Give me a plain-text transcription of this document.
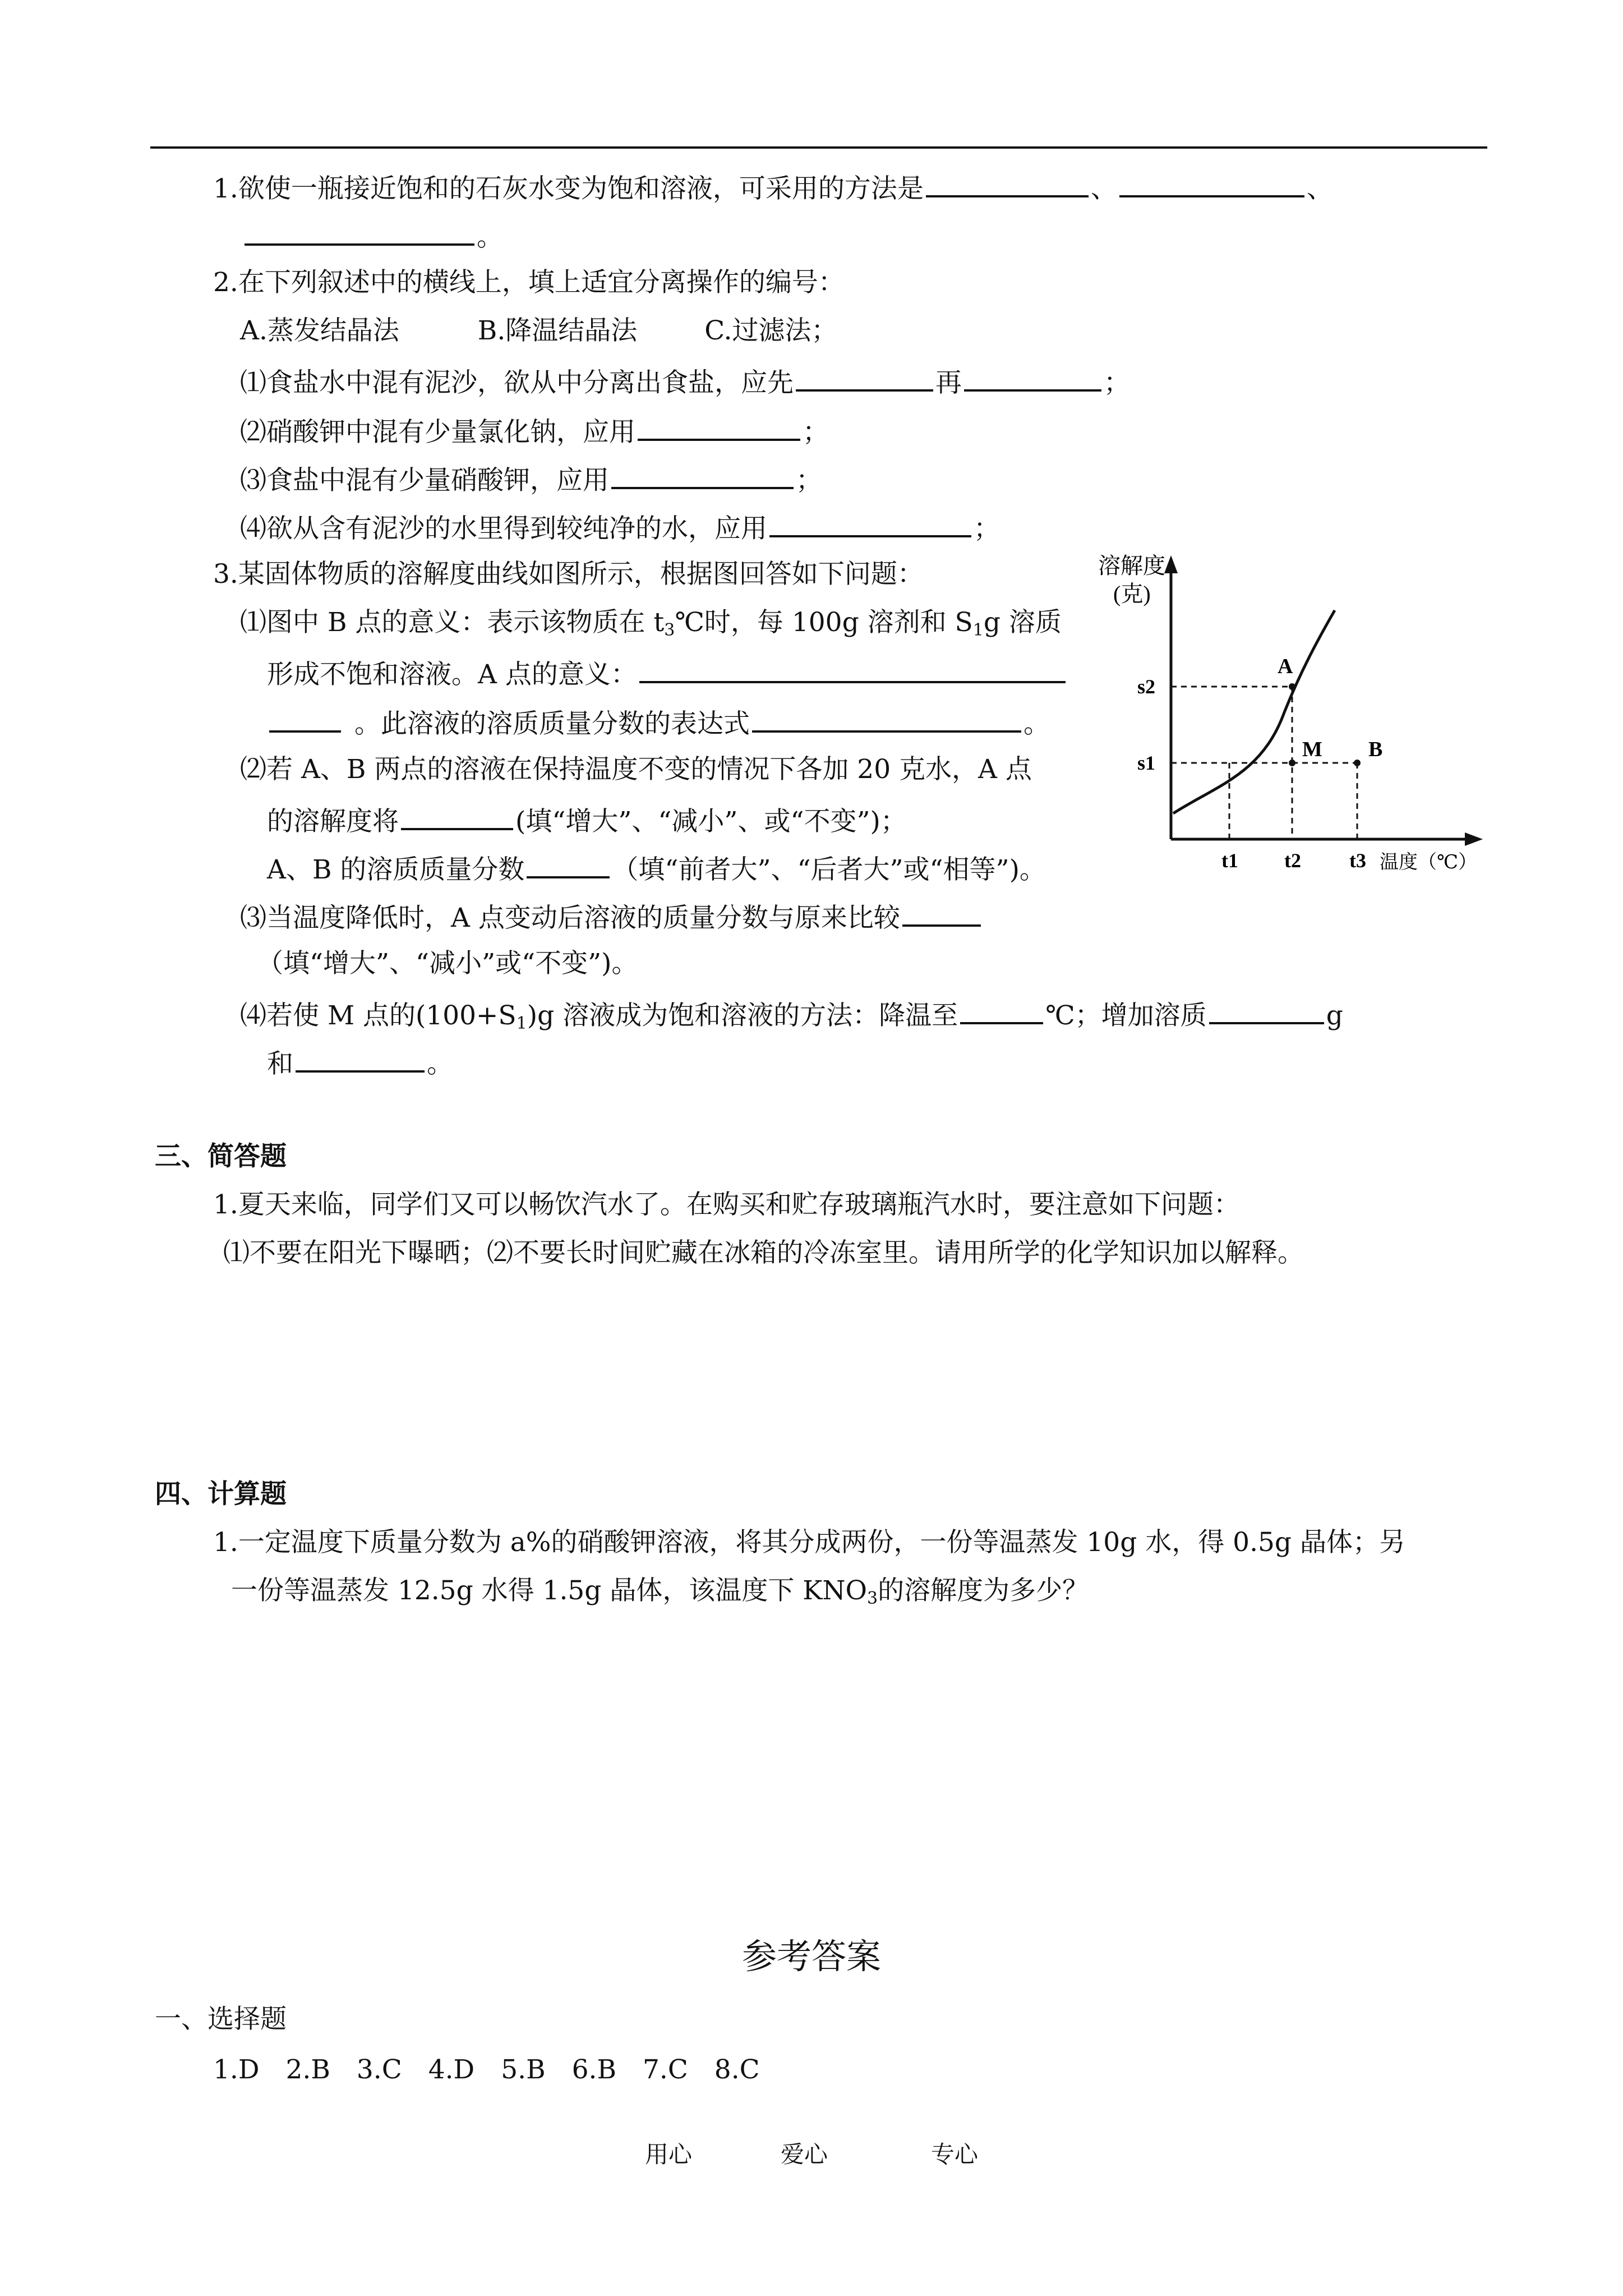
1.欲使一瓶接近饱和的石灰水变为饱和溶液，可采用的方法是	、	、
。
2.在下列叙述中的横线上，填上适宜分离操作的编号：
A.蒸发结晶法	B.降温结晶法	C.过滤法；
⑴食盐水中混有泥沙，欲从中分离出食盐，应先	再	；
⑵硝酸钾中混有少量氯化钠，应用	；
⑶食盐中混有少量硝酸钾，应用	；
⑷欲从含有泥沙的水里得到较纯净的水，应用	；
3.某固体物质的溶解度曲线如图所示，根据图回答如下问题：
⑴图中 B 点的意义：表示该物质在 $t_3℃$时，每 100g 溶剂和 $S_1g$ 溶质
形成不饱和溶液。A 点的意义：
。此溶液的溶质质量分数的表达式	。
⑵若 A、B 两点的溶液在保持温度不变的情况下各加 20 克水，A 点
的溶解度将	(填“增大”、“减小”、或“不变”)；
A、B 的溶质质量分数	（填“前者大”、“后者大”或“相等”)。
⑶当温度降低时，A 点变动后溶液的质量分数与原来比较
（填“增大”、“减小”或“不变”)。
⑷若使 M 点的$(100+S_1)g$ 溶液成为饱和溶液的方法：降温至	℃；增加溶质	g
和	。
溶解度
(克)
s2
s1
t1 t2 t3 温度（℃）
A
M B
三、简答题
1.夏天来临，同学们又可以畅饮汽水了。在购买和贮存玻璃瓶汽水时，要注意如下问题：
⑴不要在阳光下曝晒；⑵不要长时间贮藏在冰箱的冷冻室里。请用所学的化学知识加以解释。
四、计算题
1.一定温度下质量分数为 a%的硝酸钾溶液，将其分成两份，一份等温蒸发 10g 水，得 0.5g 晶体；另
一份等温蒸发 12.5g 水得 1.5g 晶体，该温度下 $KNO_3$的溶解度为多少？
参考答案
一、选择题
1.D　2.B　3.C　4.D　5.B　6.B　7.C　8.C
用心	爱心	专心
